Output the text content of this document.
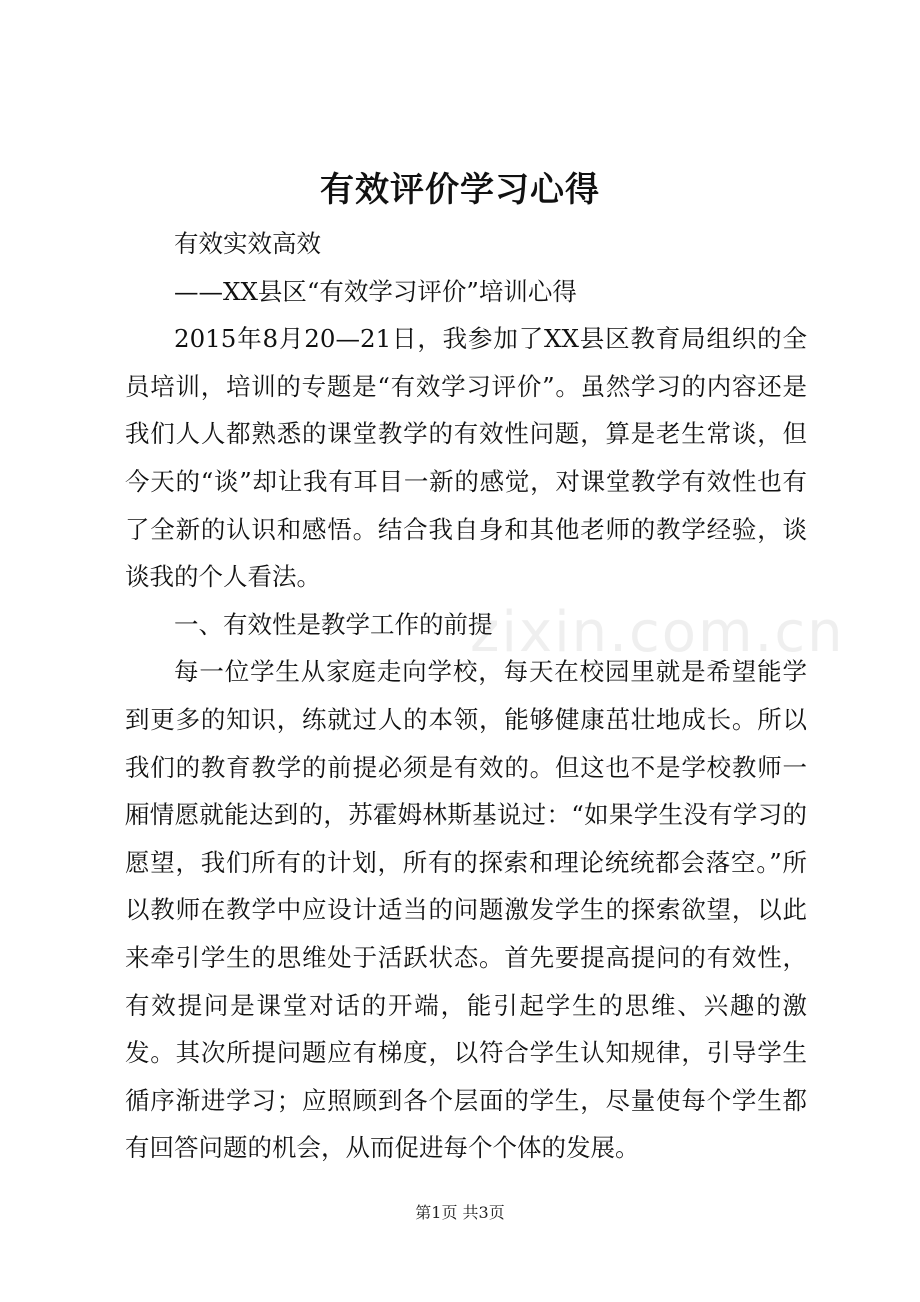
有效评价学习心得

有效实效高效

——XX县区“有效学习评价”培训心得

2015年8月20—21日，我参加了XX县区教育局组织的全员培训，培训的专题是“有效学习评价”。虽然学习的内容还是我们人人都熟悉的课堂教学的有效性问题，算是老生常谈，但今天的“谈”却让我有耳目一新的感觉，对课堂教学有效性也有了全新的认识和感悟。结合我自身和其他老师的教学经验，谈谈我的个人看法。

一、有效性是教学工作的前提

每一位学生从家庭走向学校，每天在校园里就是希望能学到更多的知识，练就过人的本领，能够健康茁壮地成长。所以我们的教育教学的前提必须是有效的。但这也不是学校教师一厢情愿就能达到的，苏霍姆林斯基说过：“如果学生没有学习的愿望，我们所有的计划，所有的探索和理论统统都会落空。”所以教师在教学中应设计适当的问题激发学生的探索欲望，以此来牵引学生的思维处于活跃状态。首先要提高提问的有效性，有效提问是课堂对话的开端，能引起学生的思维、兴趣的激发。其次所提问题应有梯度，以符合学生认知规律，引导学生循序渐进学习；应照顾到各个层面的学生，尽量使每个学生都有回答问题的机会，从而促进每个个体的发展。

zixin.com.cn
第1页 共3页
